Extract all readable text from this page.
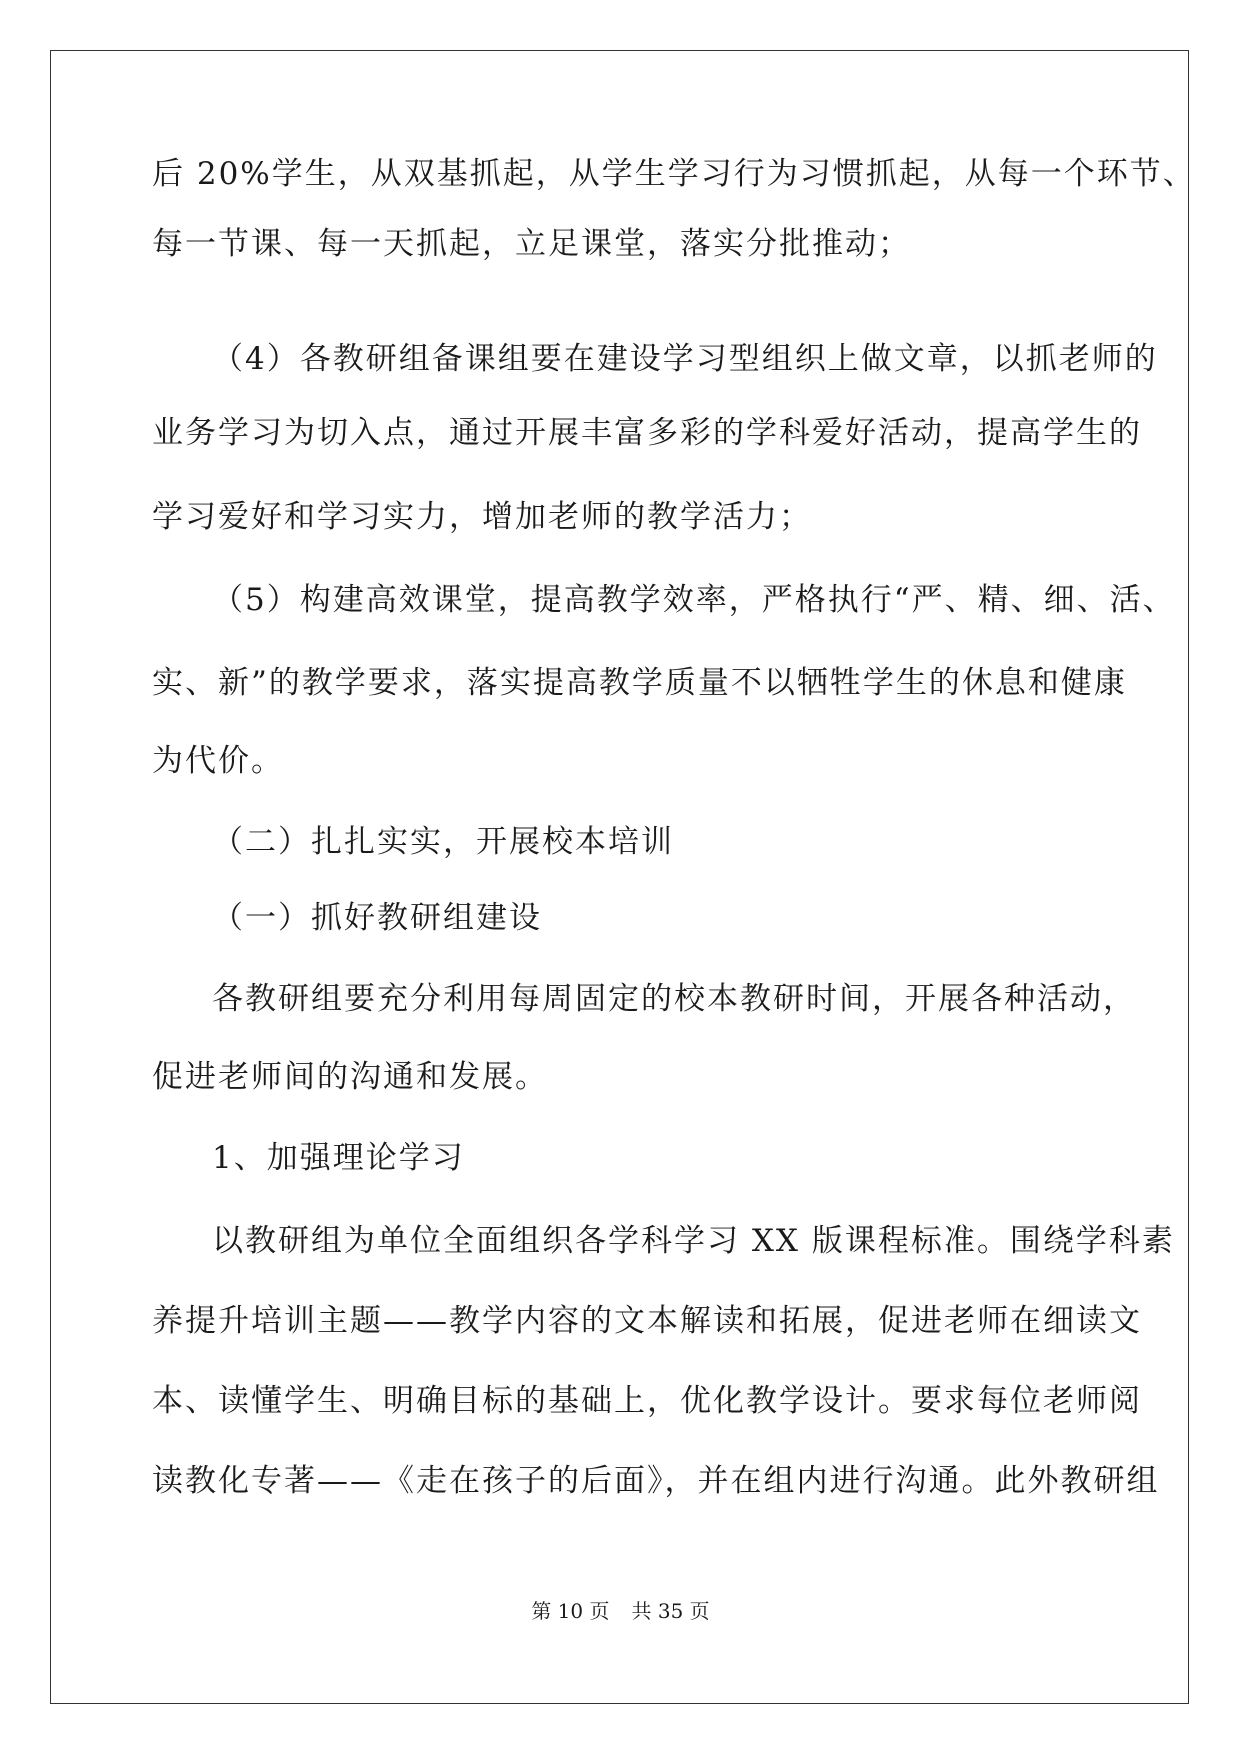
后 20%学生，从双基抓起，从学生学习行为习惯抓起，从每一个环节、
每一节课、每一天抓起，立足课堂，落实分批推动；
（4）各教研组备课组要在建设学习型组织上做文章，以抓老师的
业务学习为切入点，通过开展丰富多彩的学科爱好活动，提高学生的
学习爱好和学习实力，增加老师的教学活力；
（5）构建高效课堂，提高教学效率，严格执行“严、精、细、活、
实、新”的教学要求，落实提高教学质量不以牺牲学生的休息和健康
为代价。
（二）扎扎实实，开展校本培训
（一）抓好教研组建设
各教研组要充分利用每周固定的校本教研时间，开展各种活动，
促进老师间的沟通和发展。
1、加强理论学习
以教研组为单位全面组织各学科学习 XX 版课程标准。围绕学科素
养提升培训主题——教学内容的文本解读和拓展，促进老师在细读文
本、读懂学生、明确目标的基础上，优化教学设计。要求每位老师阅
读教化专著——《走在孩子的后面》，并在组内进行沟通。此外教研组
第 10 页 共 35 页
